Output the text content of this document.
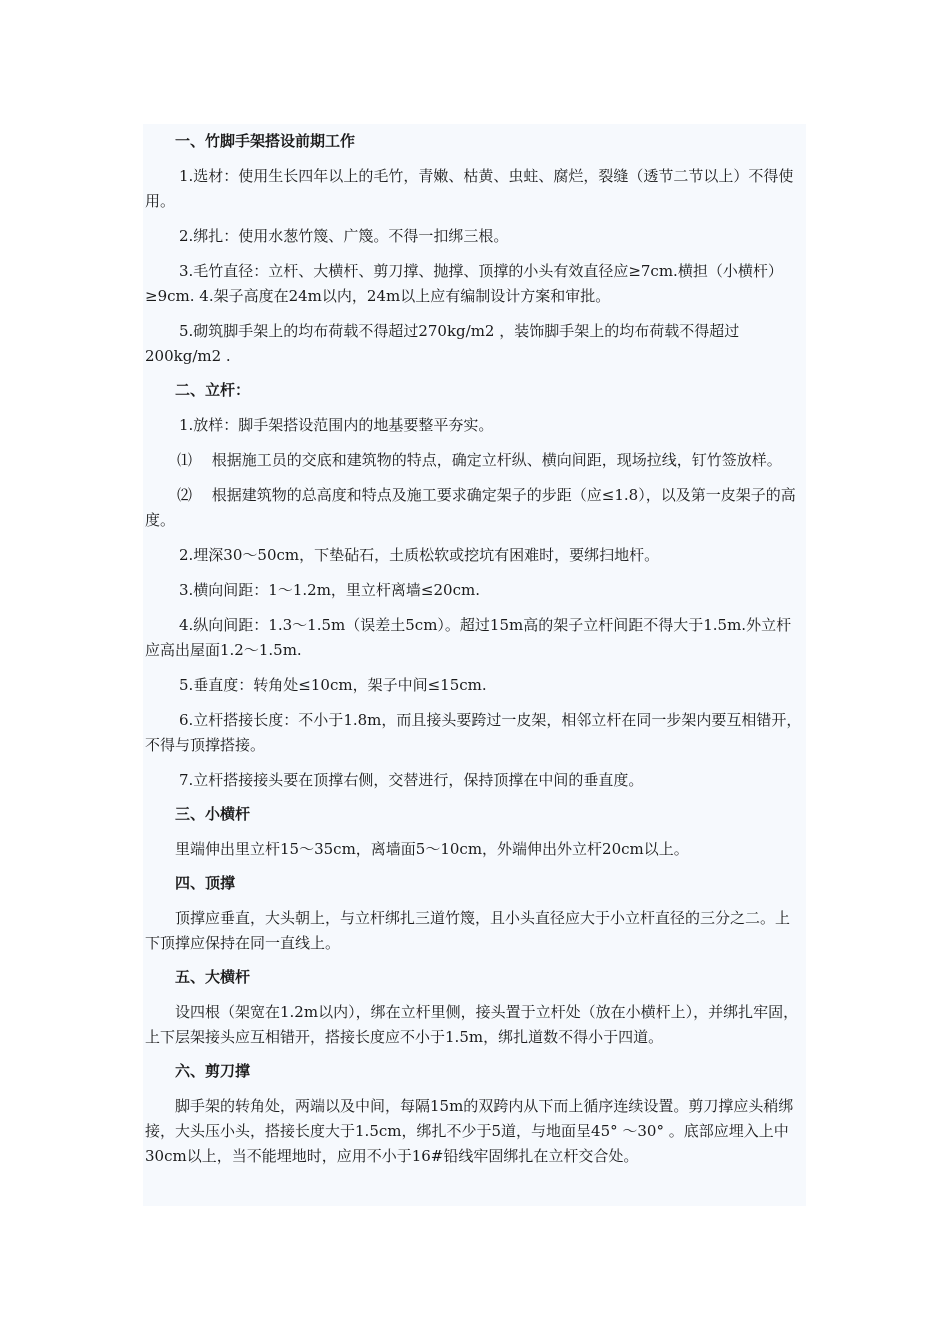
一、竹脚手架搭设前期工作

1.选材：使用生长四年以上的毛竹，青嫩、枯黄、虫蛀、腐烂，裂缝（透节二节以上）不得使用。

2.绑扎：使用水葱竹篾、广篾。不得一扣绑三根。

3.毛竹直径：立杆、大横杆、剪刀撑、抛撑、顶撑的小头有效直径应≥7cm.横担（小横杆）≥9cm. 4.架子高度在24m以内，24m以上应有编制设计方案和审批。

5.砌筑脚手架上的均布荷载不得超过270kg/m2 ，装饰脚手架上的均布荷载不得超过200kg/m2 .

二、立杆：

1.放样：脚手架搭设范围内的地基要整平夯实。

⑴　 根据施工员的交底和建筑物的特点，确定立杆纵、横向间距，现场拉线，钉竹签放样。

⑵　 根据建筑物的总高度和特点及施工要求确定架子的步距（应≤1.8），以及第一皮架子的高度。

2.埋深30～50cm，下垫砧石，土质松软或挖坑有困难时，要绑扫地杆。

3.横向间距：1～1.2m，里立杆离墙≤20cm.

4.纵向间距：1.3～1.5m（误差土5cm）。超过15m高的架子立杆间距不得大于1.5m.外立杆应高出屋面1.2～1.5m.

5.垂直度：转角处≤10cm，架子中间≤15cm.

6.立杆搭接长度：不小于1.8m，而且接头要跨过一皮架，相邻立杆在同一步架内要互相错开，不得与顶撑搭接。

7.立杆搭接接头要在顶撑右侧，交替进行，保持顶撑在中间的垂直度。

三、小横杆

里端伸出里立杆15～35cm，离墙面5～10cm，外端伸出外立杆20cm以上。

四、顶撑

顶撑应垂直，大头朝上，与立杆绑扎三道竹篾，且小头直径应大于小立杆直径的三分之二。上下顶撑应保持在同一直线上。

五、大横杆

设四根（架宽在1.2m以内），绑在立杆里侧，接头置于立杆处（放在小横杆上），并绑扎牢固，上下层架接头应互相错开，搭接长度应不小于1.5m，绑扎道数不得小于四道。

六、剪刀撑

脚手架的转角处，两端以及中间，每隔15m的双跨内从下而上循序连续设置。剪刀撑应头稍绑接，大头压小头，搭接长度大于1.5cm，绑扎不少于5道，与地面呈45° ～30° 。底部应埋入上中30cm以上，当不能埋地时，应用不小于16#铅线牢固绑扎在立杆交合处。
